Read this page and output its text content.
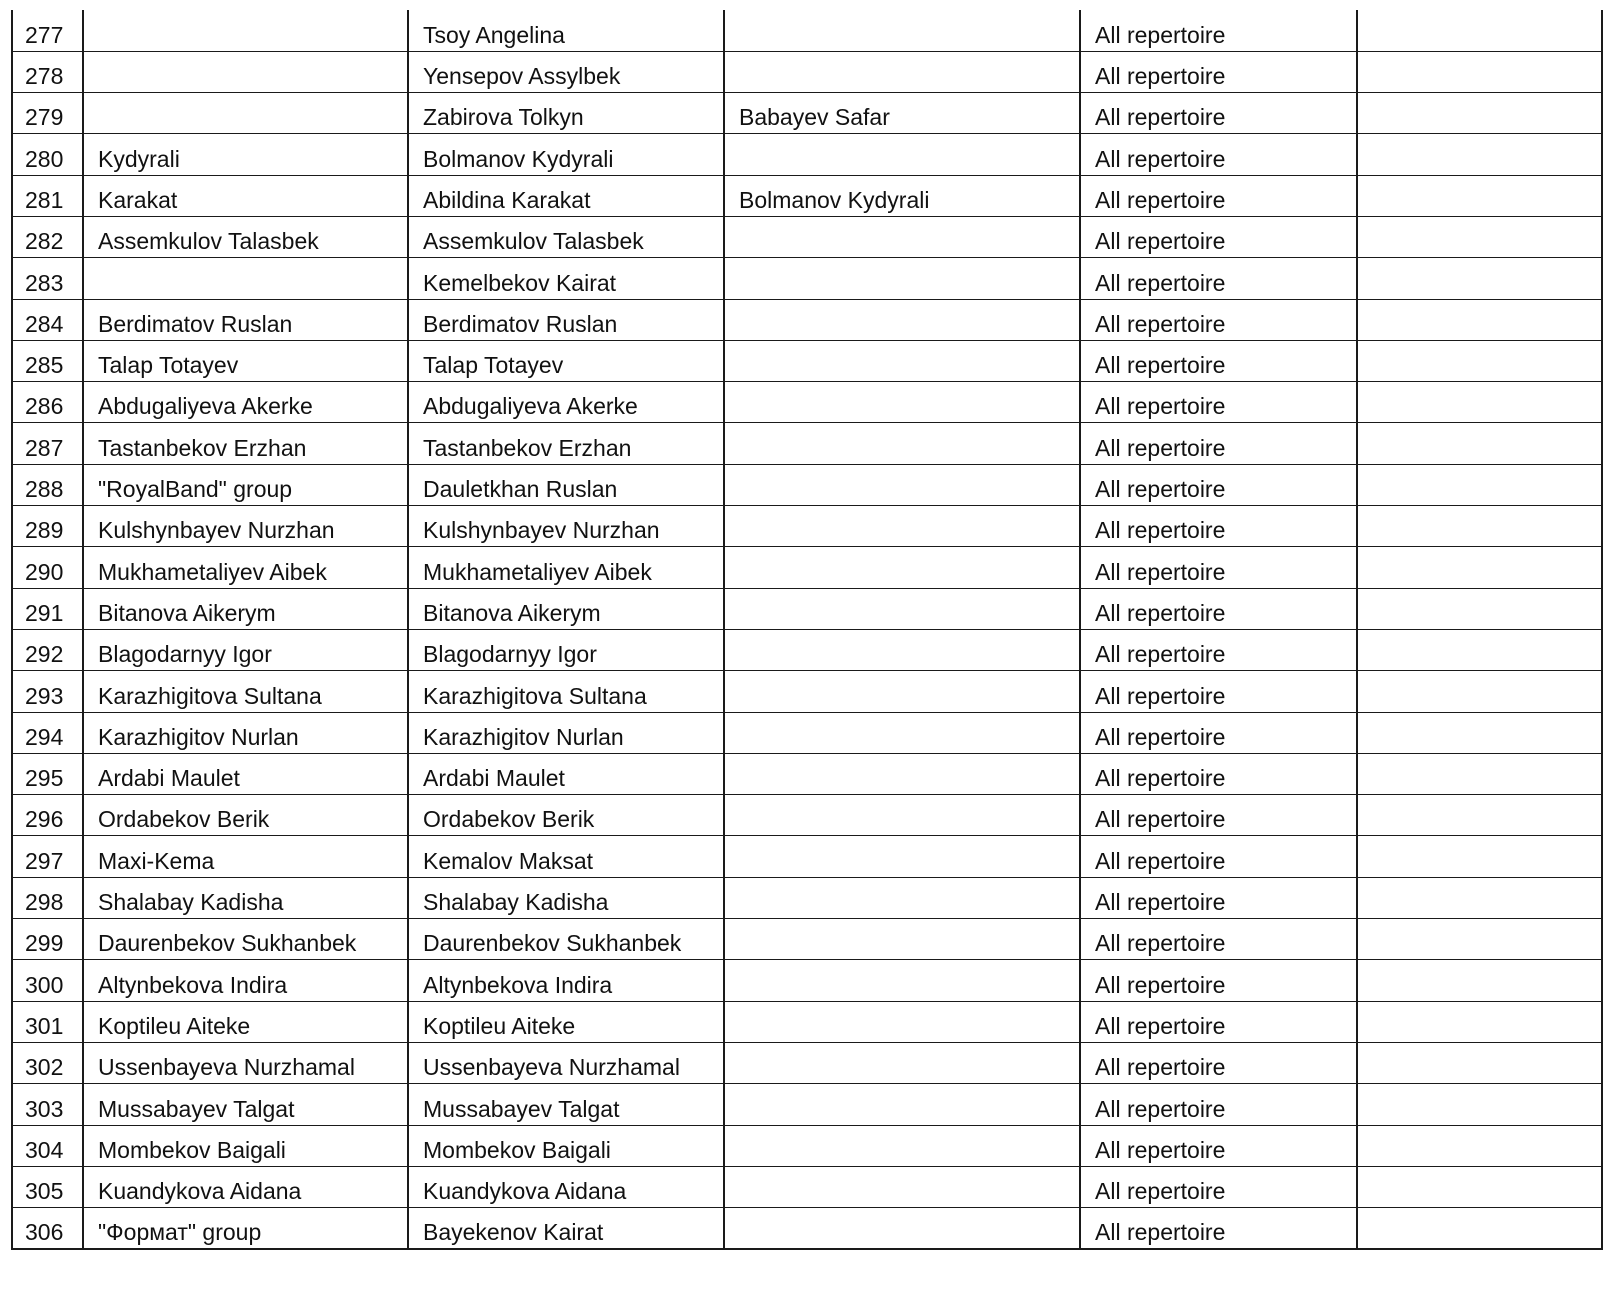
277		Tsoy Angelina		All repertoire	
278		Yensepov Assylbek		All repertoire	
279		Zabirova Tolkyn	Babayev Safar	All repertoire	
280	Kydyrali	Bolmanov Kydyrali		All repertoire	
281	Karakat	Abildina Karakat	Bolmanov Kydyrali	All repertoire	
282	Assemkulov Talasbek	Assemkulov Talasbek		All repertoire	
283		Kemelbekov Kairat		All repertoire	
284	Berdimatov Ruslan	Berdimatov Ruslan		All repertoire	
285	Talap Totayev	Talap Totayev		All repertoire	
286	Abdugaliyeva Akerke	Abdugaliyeva Akerke		All repertoire	
287	Tastanbekov Erzhan	Tastanbekov Erzhan		All repertoire	
288	"RoyalBand" group	Dauletkhan Ruslan		All repertoire	
289	Kulshynbayev Nurzhan	Kulshynbayev Nurzhan		All repertoire	
290	Mukhametaliyev Aibek	Mukhametaliyev Aibek		All repertoire	
291	Bitanova Aikerym	Bitanova Aikerym		All repertoire	
292	Blagodarnyy Igor	Blagodarnyy Igor		All repertoire	
293	Karazhigitova Sultana	Karazhigitova Sultana		All repertoire	
294	Karazhigitov Nurlan	Karazhigitov Nurlan		All repertoire	
295	Ardabi Maulet	Ardabi Maulet		All repertoire	
296	Ordabekov Berik	Ordabekov Berik		All repertoire	
297	Maxi-Kema	Kemalov Maksat		All repertoire	
298	Shalabay Kadisha	Shalabay Kadisha		All repertoire	
299	Daurenbekov Sukhanbek	Daurenbekov Sukhanbek		All repertoire	
300	Altynbekova Indira	Altynbekova Indira		All repertoire	
301	Koptileu Aiteke	Koptileu Aiteke		All repertoire	
302	Ussenbayeva Nurzhamal	Ussenbayeva Nurzhamal		All repertoire	
303	Mussabayev Talgat	Mussabayev Talgat		All repertoire	
304	Mombekov Baigali	Mombekov Baigali		All repertoire	
305	Kuandykova Aidana	Kuandykova Aidana		All repertoire	
306	"Формат" group	Bayekenov Kairat		All repertoire	
